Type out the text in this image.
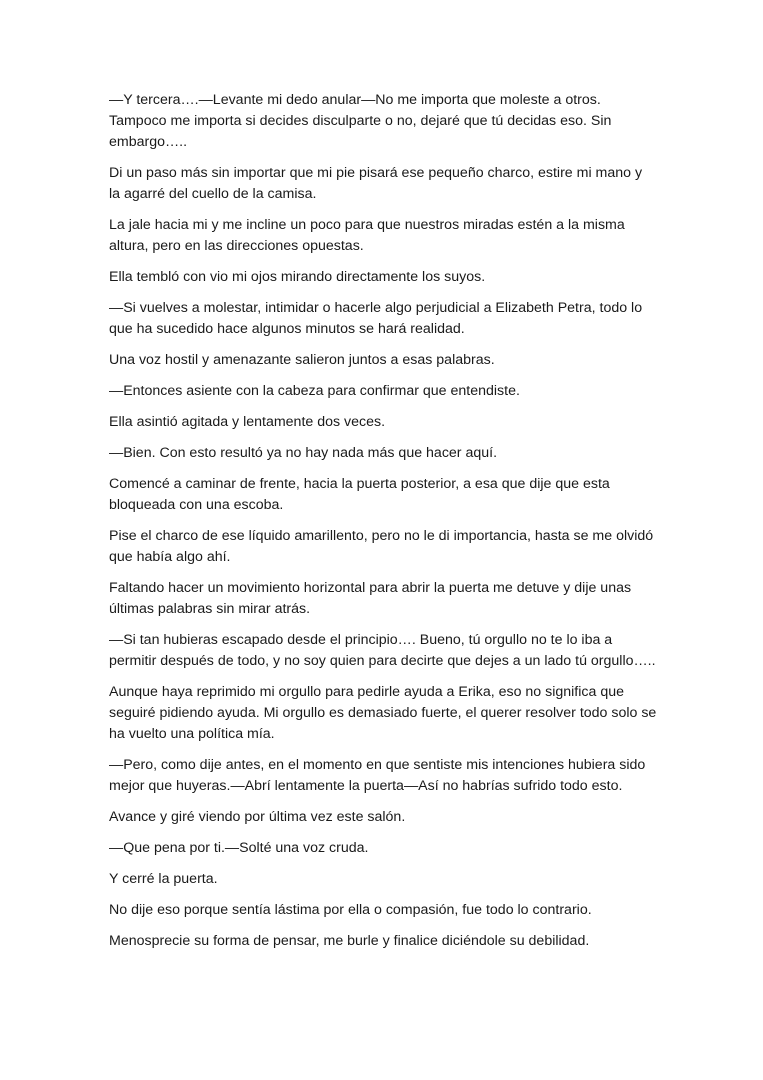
—Y tercera….—Levante mi dedo anular—No me importa que moleste a otros. Tampoco me importa si decides disculparte o no, dejaré que tú decidas eso. Sin embargo…..

Di un paso más sin importar que mi pie pisará ese pequeño charco, estire mi mano y la agarré del cuello de la camisa.

La jale hacia mi y me incline un poco para que nuestros miradas estén a la misma altura, pero en las direcciones opuestas.

Ella tembló con vio mi ojos mirando directamente los suyos.

—Si vuelves a molestar, intimidar o hacerle algo perjudicial a Elizabeth Petra, todo lo que ha sucedido hace algunos minutos se hará realidad.

Una voz hostil y amenazante salieron juntos a esas palabras.

—Entonces asiente con la cabeza para confirmar que entendiste.

Ella asintió agitada y lentamente dos veces.

—Bien. Con esto resultó ya no hay nada más que hacer aquí.

Comencé a caminar de frente, hacia la puerta posterior, a esa que dije que esta bloqueada con una escoba.

Pise el charco de ese líquido amarillento, pero no le di importancia, hasta se me olvidó que había algo ahí.

Faltando hacer un movimiento horizontal para abrir la puerta me detuve y dije unas últimas palabras sin mirar atrás.

—Si tan hubieras escapado desde el principio…. Bueno, tú orgullo no te lo iba a permitir después de todo, y no soy quien para decirte que dejes a un lado tú orgullo…..

Aunque haya reprimido mi orgullo para pedirle ayuda a Erika, eso no significa que seguiré pidiendo ayuda. Mi orgullo es demasiado fuerte, el querer resolver todo solo se ha vuelto una política mía.

—Pero, como dije antes, en el momento en que sentiste mis intenciones hubiera sido mejor que huyeras.—Abrí lentamente la puerta—Así no habrías sufrido todo esto.

Avance y giré viendo por última vez este salón.

—Que pena por ti.—Solté una voz cruda.

Y cerré la puerta.

No dije eso porque sentía lástima por ella o compasión, fue todo lo contrario.

Menosprecie su forma de pensar, me burle y finalice diciéndole su debilidad.
